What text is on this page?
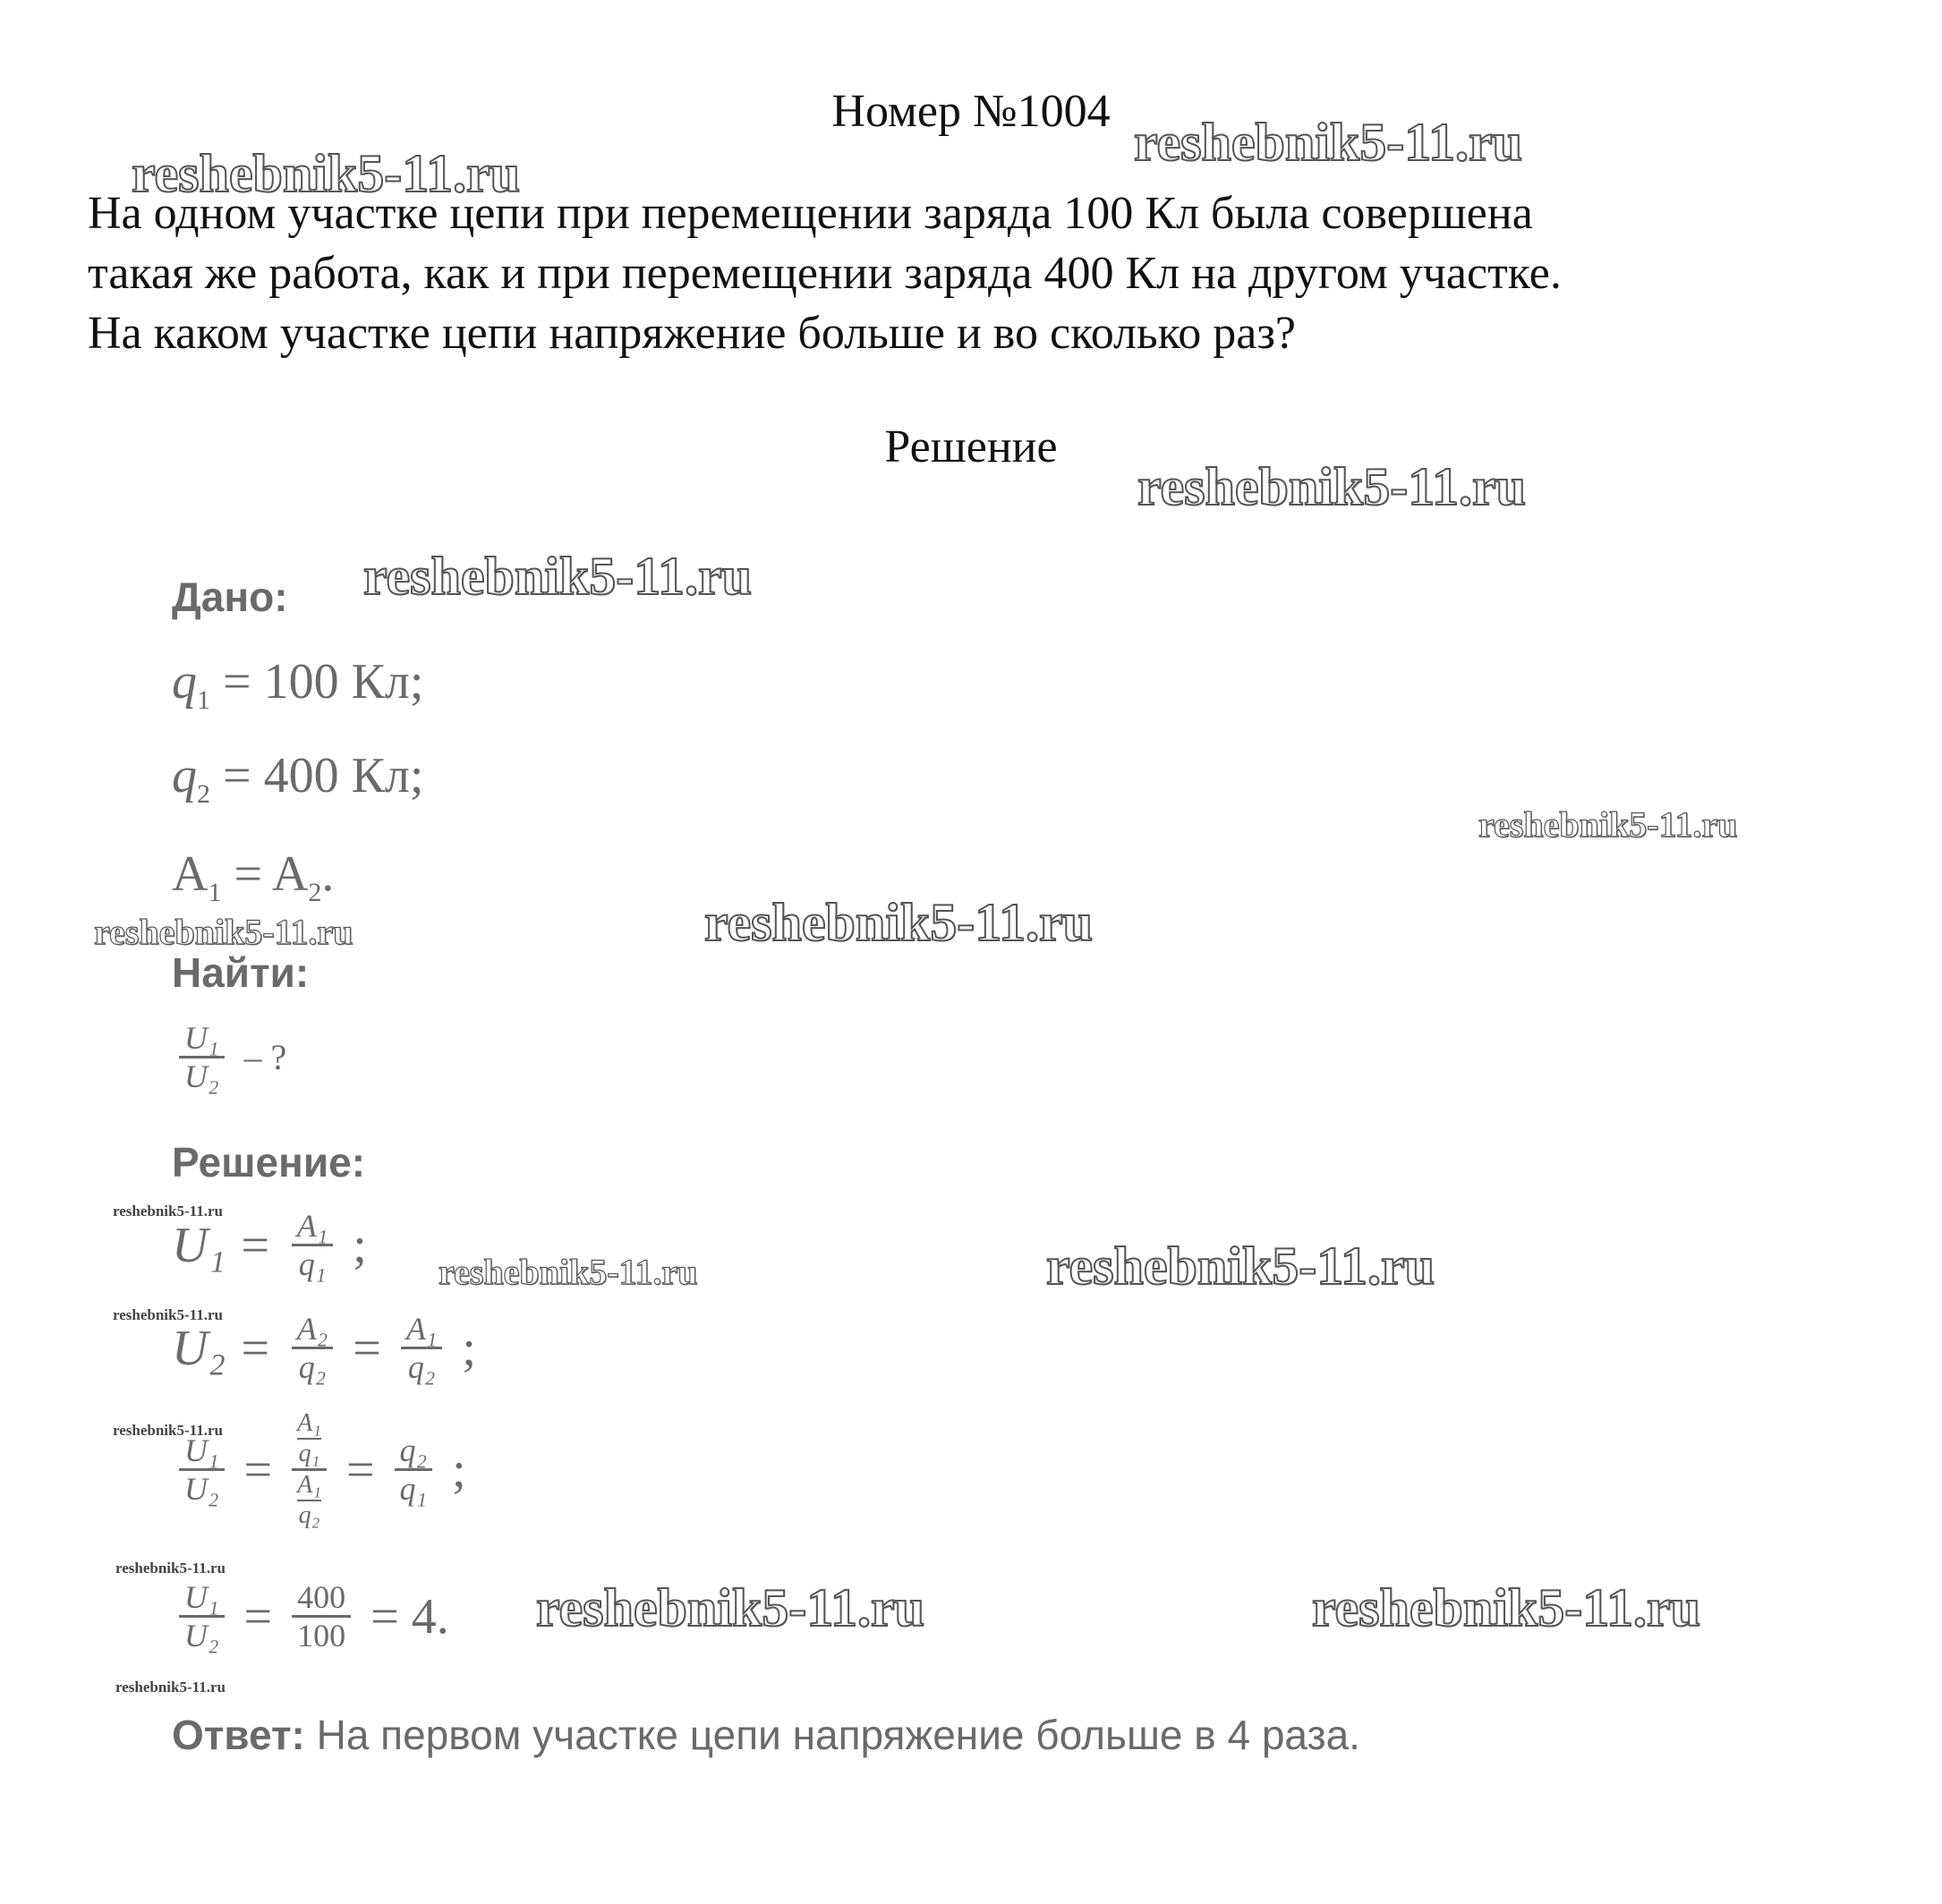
Номер №1004
На одном участке цепи при перемещении заряда 100 Кл была совершена
такая же работа, как и при перемещении заряда 400 Кл на другом участке.
На каком участке цепи напряжение больше и во сколько раз?
Решение
Дано:
$q_1 = 100$ Кл;
$q_2 = 400$ Кл;
$A_1 = A_2$.
Найти:
$\frac{\text{U₁}}{\text{U₂}}$ – ?
Решение:
$U_1 = \frac{\text{A₁}}{\text{q₁}}$ ;
$U_2 = \frac{\text{A₂}}{\text{q₂}} = \frac{\text{A₁}}{\text{q₂}}$ ;
$\frac{\text{U₁}}{\text{U₂}} = \frac{\frac{\text{A₁}}{\text{q₁}}}{\frac{\text{A₁}}{\text{q₂}}} = \frac{\text{q₂}}{\text{q₁}}$ ;
$\frac{\text{U₁}}{\text{U₂}} = \frac{400}{100} = 4$.
Ответ: На первом участке цепи напряжение больше в 4 раза.
reshebnik5-11.ru
reshebnik5-11.ru
reshebnik5-11.ru
reshebnik5-11.ru
reshebnik5-11.ru
reshebnik5-11.ru	reshebnik5-11.ru
reshebnik5-11.ru
reshebnik5-11.ru	reshebnik5-11.ru
reshebnik5-11.ru
reshebnik5-11.ru
reshebnik5-11.ru
reshebnik5-11.ru	reshebnik5-11.ru
reshebnik5-11.ru
